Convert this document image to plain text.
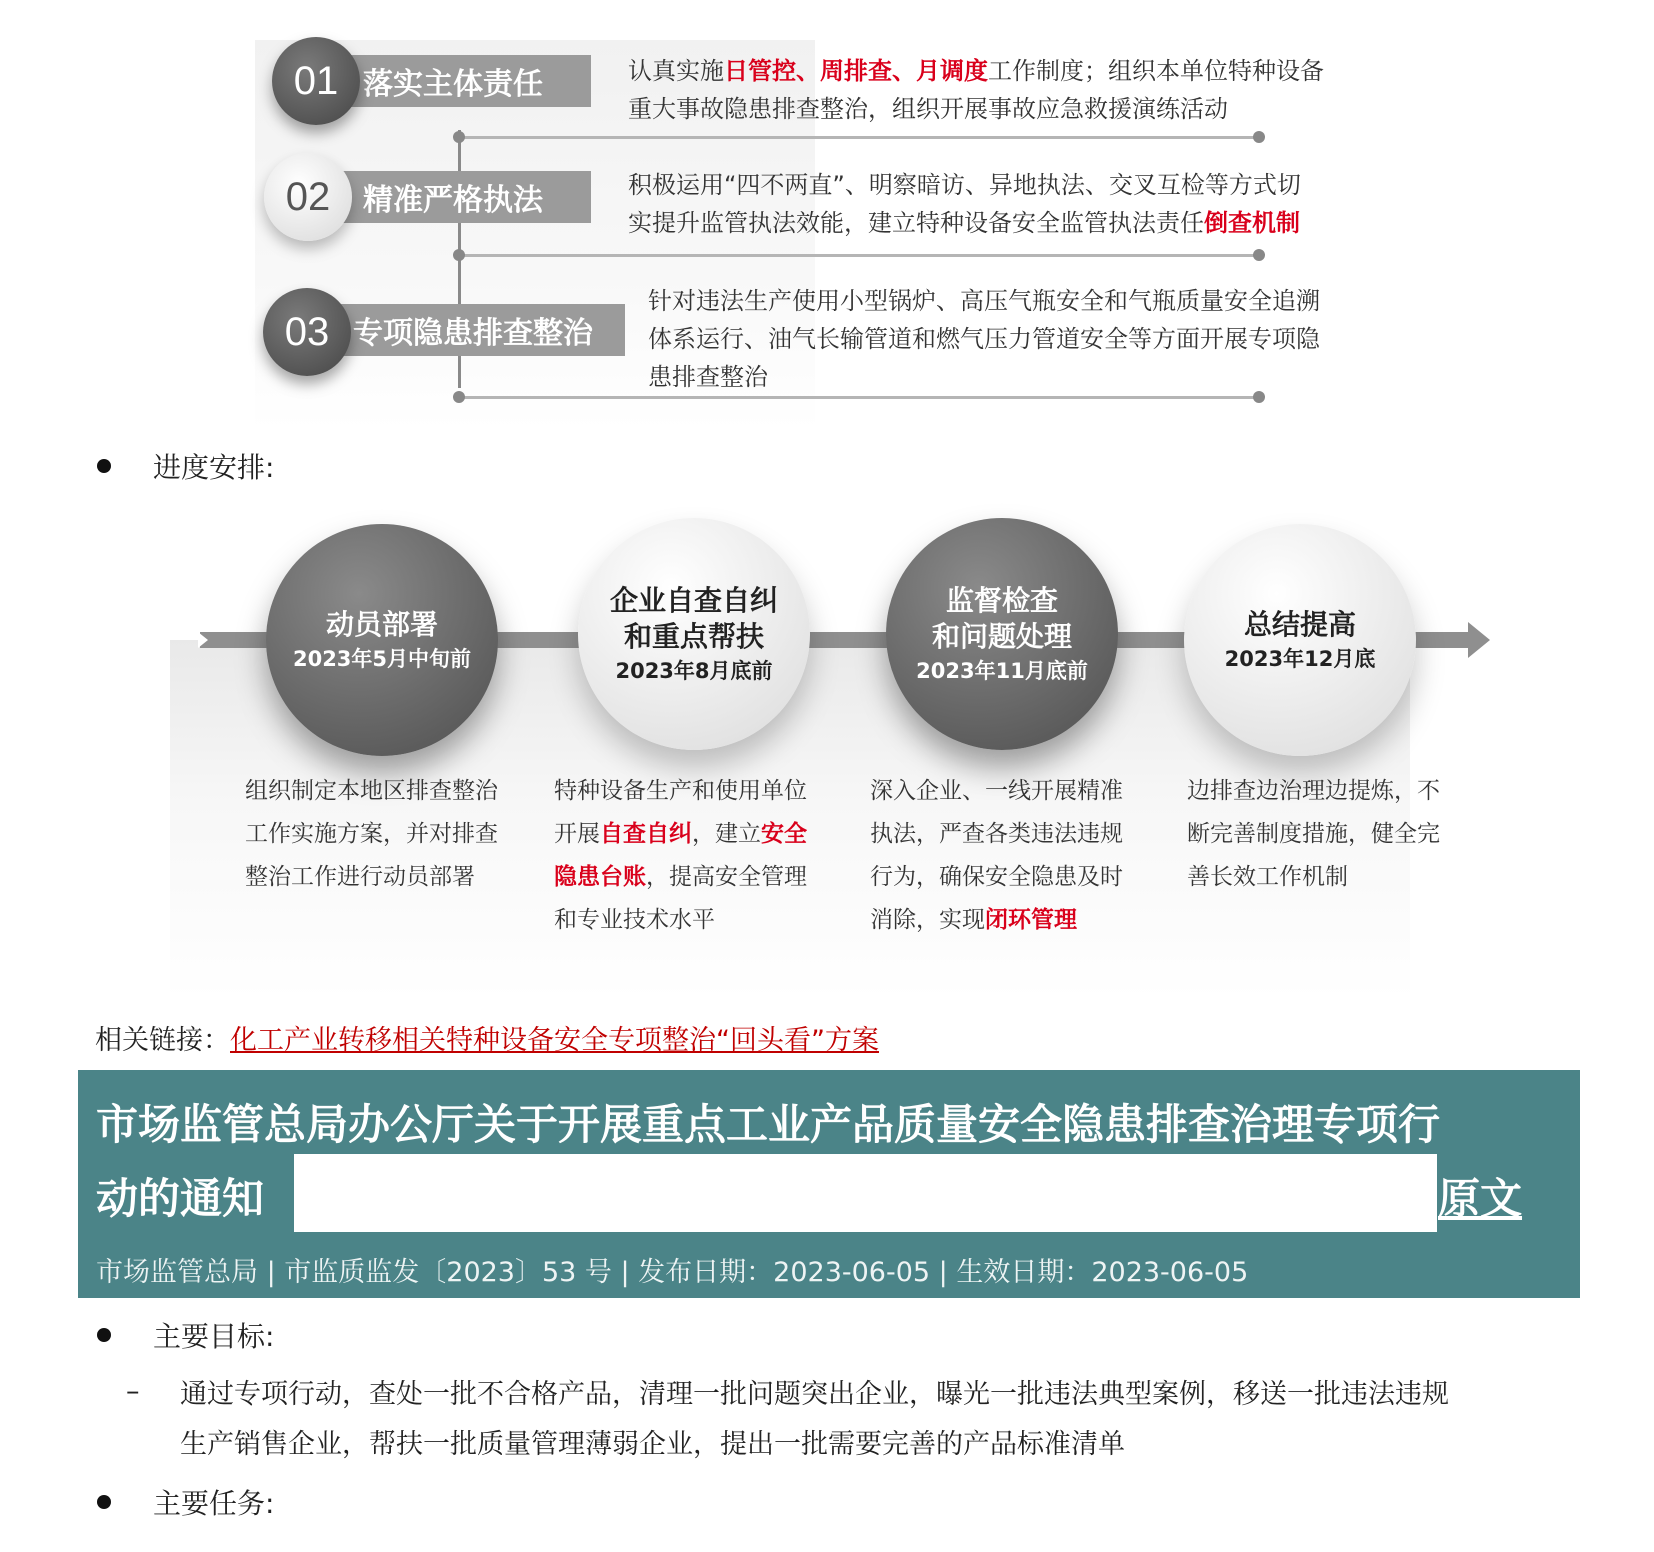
01 落实主体责任	认真实施日管控、周排查、月调度工作制度；组织本单位特种设备
重大事故隐患排查整治，组织开展事故应急救援演练活动
02	精准严格执法	积极运用“四不两直”、明察暗访、异地执法、交叉互检等方式切
实提升监管执法效能，建立特种设备安全监管执法责任倒查机制
03 专项隐患排查整治
针对违法生产使用小型锅炉、高压气瓶安全和气瓶质量安全追溯
体系运行、油气长输管道和燃气压力管道安全等方面开展专项隐
患排查整治
进度安排:
动员部署
2023年5月中旬前
企业自查自纠
和重点帮扶
2023年8月底前
监督检查
和问题处理
2023年11月底前
总结提高
2023年12月底
组织制定本地区排查整治
工作实施方案，并对排查
整治工作进行动员部署
特种设备生产和使用单位
开展自查自纠，建立安全
隐患台账，提高安全管理
和专业技术水平
深入企业、一线开展精准
执法，严查各类违法违规
行为，确保安全隐患及时
消除，实现闭环管理
边排查边治理边提炼，不
断完善制度措施，健全完
善长效工作机制
相关链接：化工产业转移相关特种设备安全专项整治“回头看”方案
市场监管总局办公厅关于开展重点工业产品质量安全隐患排查治理专项行
动的通知	原文
市场监管总局 | 市监质监发〔2023〕53 号 | 发布日期：2023-06-05 | 生效日期：2023-06-05
主要目标:
–	通过专项行动，查处一批不合格产品，清理一批问题突出企业，曝光一批违法典型案例，移送一批违法违规
生产销售企业，帮扶一批质量管理薄弱企业，提出一批需要完善的产品标准清单
主要任务:
